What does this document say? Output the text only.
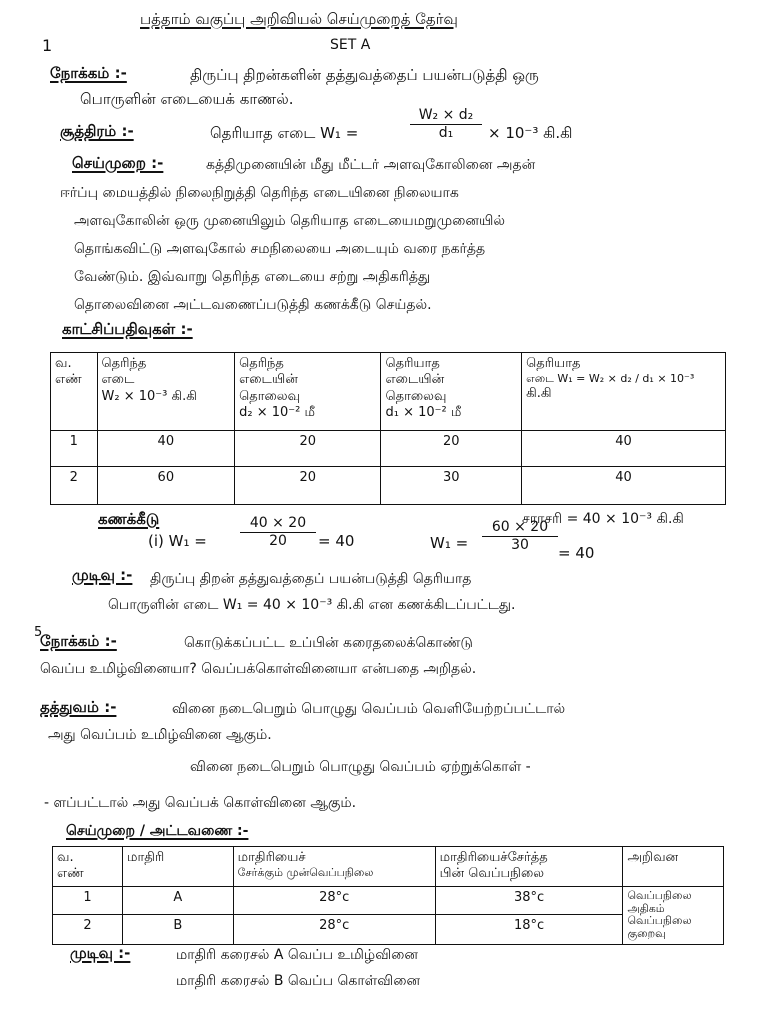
பத்தாம் வகுப்பு அறிவியல் செய்முறைத் தேர்வு
1	SET A
நோக்கம் :-	திருப்பு திறன்களின் தத்துவத்தைப் பயன்படுத்தி ஒரு
பொருளின் எடையைக் காணல்.
சூத்திரம் :-	தெரியாத எடை W₁ =
W₂ × d₂
d₁	× 10⁻³ கி.கி
செய்முறை :-	கத்திமுனையின் மீது மீட்டர் அளவுகோலினை அதன்
ஈர்ப்பு மையத்தில் நிலைநிறுத்தி தெரிந்த எடையினை நிலையாக
அளவுகோலின் ஒரு முனையிலும் தெரியாத எடையைமறுமுனையில்
தொங்கவிட்டு அளவுகோல் சமநிலையை அடையும் வரை நகர்த்த
வேண்டும். இவ்வாறு தெரிந்த எடையை சற்று அதிகரித்து
தொலைவினை அட்டவணைப்படுத்தி கணக்கீடு செய்தல்.
காட்சிப்பதிவுகள் :-
வ.
எண்	தெரிந்த
எடை
W₂ × 10⁻³ கி.கி	தெரிந்த
எடையின்
தொலைவு
d₂ × 10⁻² மீ	தெரியாத
எடையின்
தொலைவு
d₁ × 10⁻² மீ	தெரியாத
எடை W₁ = W₂ × d₂ / d₁ × 10⁻³
கி.கி

1	40	20	20	40
2	60	20	30	40
கணக்கீடு
(i) W₁ =
40 × 20
20	= 40	W₁ =
60 × 20
30	= 40
சராசரி = 40 × 10⁻³ கி.கி
முடிவு :- திருப்பு திறன் தத்துவத்தைப் பயன்படுத்தி தெரியாத
பொருளின் எடை W₁ = 40 × 10⁻³ கி.கி என கணக்கிடப்பட்டது.
5
நோக்கம் :-	கொடுக்கப்பட்ட உப்பின் கரைதலைக்கொண்டு
வெப்ப உமிழ்வினையா? வெப்பக்கொள்வினையா என்பதை அறிதல்.
தத்துவம் :-	வினை நடைபெறும் பொழுது வெப்பம் வெளியேற்றப்பட்டால்
அது வெப்பம் உமிழ்வினை ஆகும்.
வினை நடைபெறும் பொழுது வெப்பம் ஏற்றுக்கொள் -
- ளப்பட்டால் அது வெப்பக் கொள்வினை ஆகும்.
செய்முறை / அட்டவணை :-
வ.
எண்	மாதிரி	மாதிரியைச்
சேர்க்கும் முன்வெப்பநிலை	மாதிரியைச்சேர்த்த
பின் வெப்பநிலை	அறிவன

1	A	28°c	38°c	வெப்பநிலை
அதிகம்
வெப்பநிலை
குறைவு

2	B	28°c	18°c	
முடிவு :-	மாதிரி கரைசல் A வெப்ப உமிழ்வினை
மாதிரி கரைசல் B வெப்ப கொள்வினை
